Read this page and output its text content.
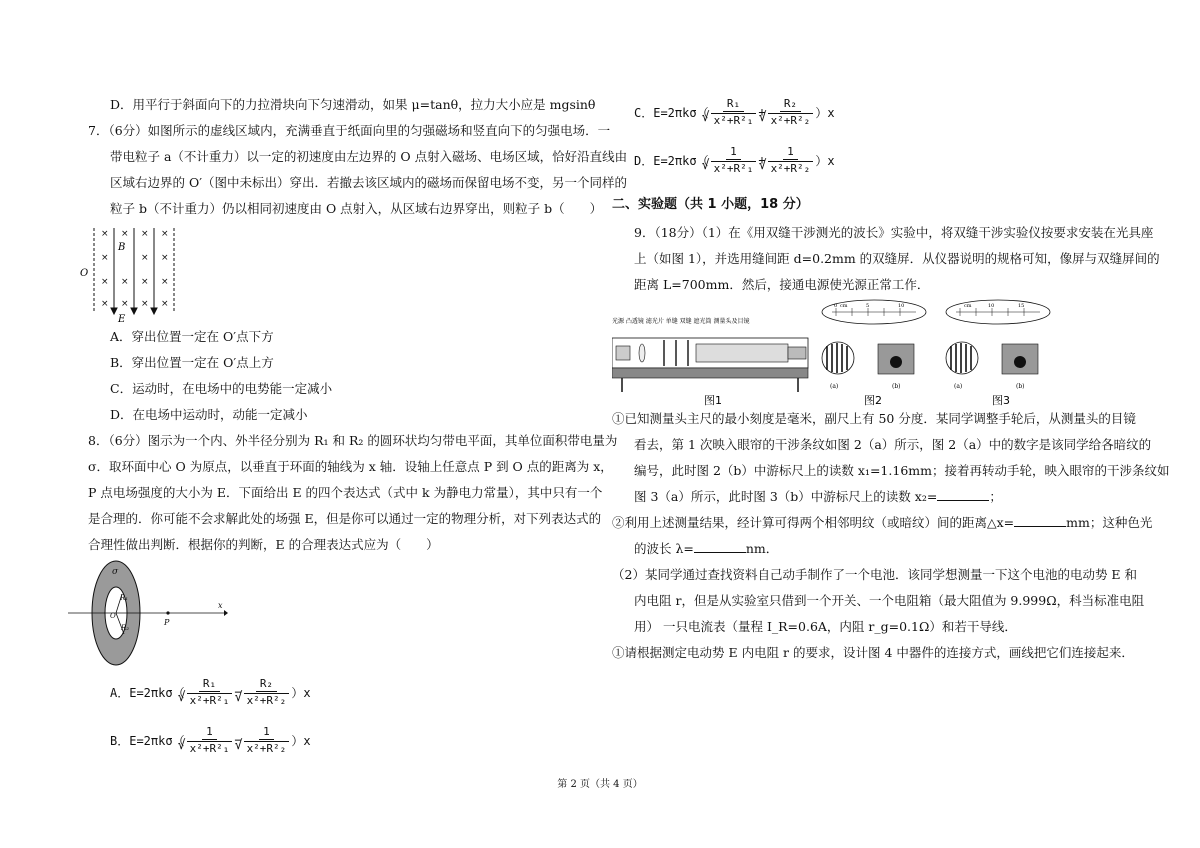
D．用平行于斜面向下的力拉滑块向下匀速滑动，如果 μ=tanθ，拉力大小应是 mgsinθ

7．（6分）如图所示的虚线区域内，充满垂直于纸面向里的匀强磁场和竖直向下的匀强电场．一

带电粒子 a（不计重力）以一定的初速度由左边界的 O 点射入磁场、电场区域，恰好沿直线由

区域右边界的 O′（图中未标出）穿出．若撤去该区域内的磁场而保留电场不变，另一个同样的

粒子 b（不计重力）仍以相同初速度由 O 点射入，从区域右边界穿出，则粒子 b（　　）

× × × ×
×	× ×
× × × ×
× × × ×
B
O
E

A．穿出位置一定在 O′点下方

B．穿出位置一定在 O′点上方

C．运动时，在电场中的电势能一定减小

D．在电场中运动时，动能一定减小

8．（6分）图示为一个内、外半径分别为 R₁ 和 R₂ 的圆环状均匀带电平面，其单位面积带电量为

σ．取环面中心 O 为原点，以垂直于环面的轴线为 x 轴．设轴上任意点 P 到 O 点的距离为 x，

P 点电场强度的大小为 E．下面给出 E 的四个表达式（式中 k 为静电力常量），其中只有一个

是合理的．你可能不会求解此处的场强 E，但是你可以通过一定的物理分析，对下列表达式的

合理性做出判断．根据你的判断，E 的合理表达式应为（　　）

σ
R₁
O
R₂
P
x
A．E=2πkσ（ R₁
√ x²+R²₁ − R₂
√ x²+R²₂ ）x
B．E=2πkσ（ 1
√ x²+R²₁ − 1
√ x²+R²₂ ）x
C．E=2πkσ（ R₁
√ x²+R²₁ + R₂
√ x²+R²₂ ）x
D．E=2πkσ（ 1
√ x²+R²₁ + 1
√ x²+R²₂ ）x

二、实验题（共 1 小题，18 分）

9．（18分）（1）在《用双缝干涉测光的波长》实验中，将双缝干涉实验仪按要求安装在光具座

上（如图 1），并选用缝间距 d=0.2mm 的双缝屏．从仪器说明的规格可知，像屏与双缝屏间的

距离 L=700mm．然后，接通电源使光源正常工作．

光源 凸透镜 滤光片 单缝 双缝 遮光筒 测量头及目镜
图1
0 cm	5	10
(a)	(b)
图2
cm	10	15
(a)	(b)
图3

①已知测量头主尺的最小刻度是毫米，副尺上有 50 分度．某同学调整手轮后，从测量头的目镜

看去，第 1 次映入眼帘的干涉条纹如图 2（a）所示，图 2（a）中的数字是该同学给各暗纹的

编号，此时图 2（b）中游标尺上的读数 x₁=1.16mm；接着再转动手轮，映入眼帘的干涉条纹如

图 3（a）所示，此时图 3（b）中游标尺上的读数 x₂=	；

②利用上述测量结果，经计算可得两个相邻明纹（或暗纹）间的距离△x=	mm；这种色光

的波长 λ=	nm．

（2）某同学通过查找资料自己动手制作了一个电池．该同学想测量一下这个电池的电动势 E 和

内电阻 r，但是从实验室只借到一个开关、一个电阻箱（最大阻值为 9.999Ω，科当标准电阻

用） 一只电流表（量程 I_R=0.6A，内阻 r_g=0.1Ω）和若干导线．

①请根据测定电动势 E 内电阻 r 的要求，设计图 4 中器件的连接方式，画线把它们连接起来．

第 2 页（共 4 页）
